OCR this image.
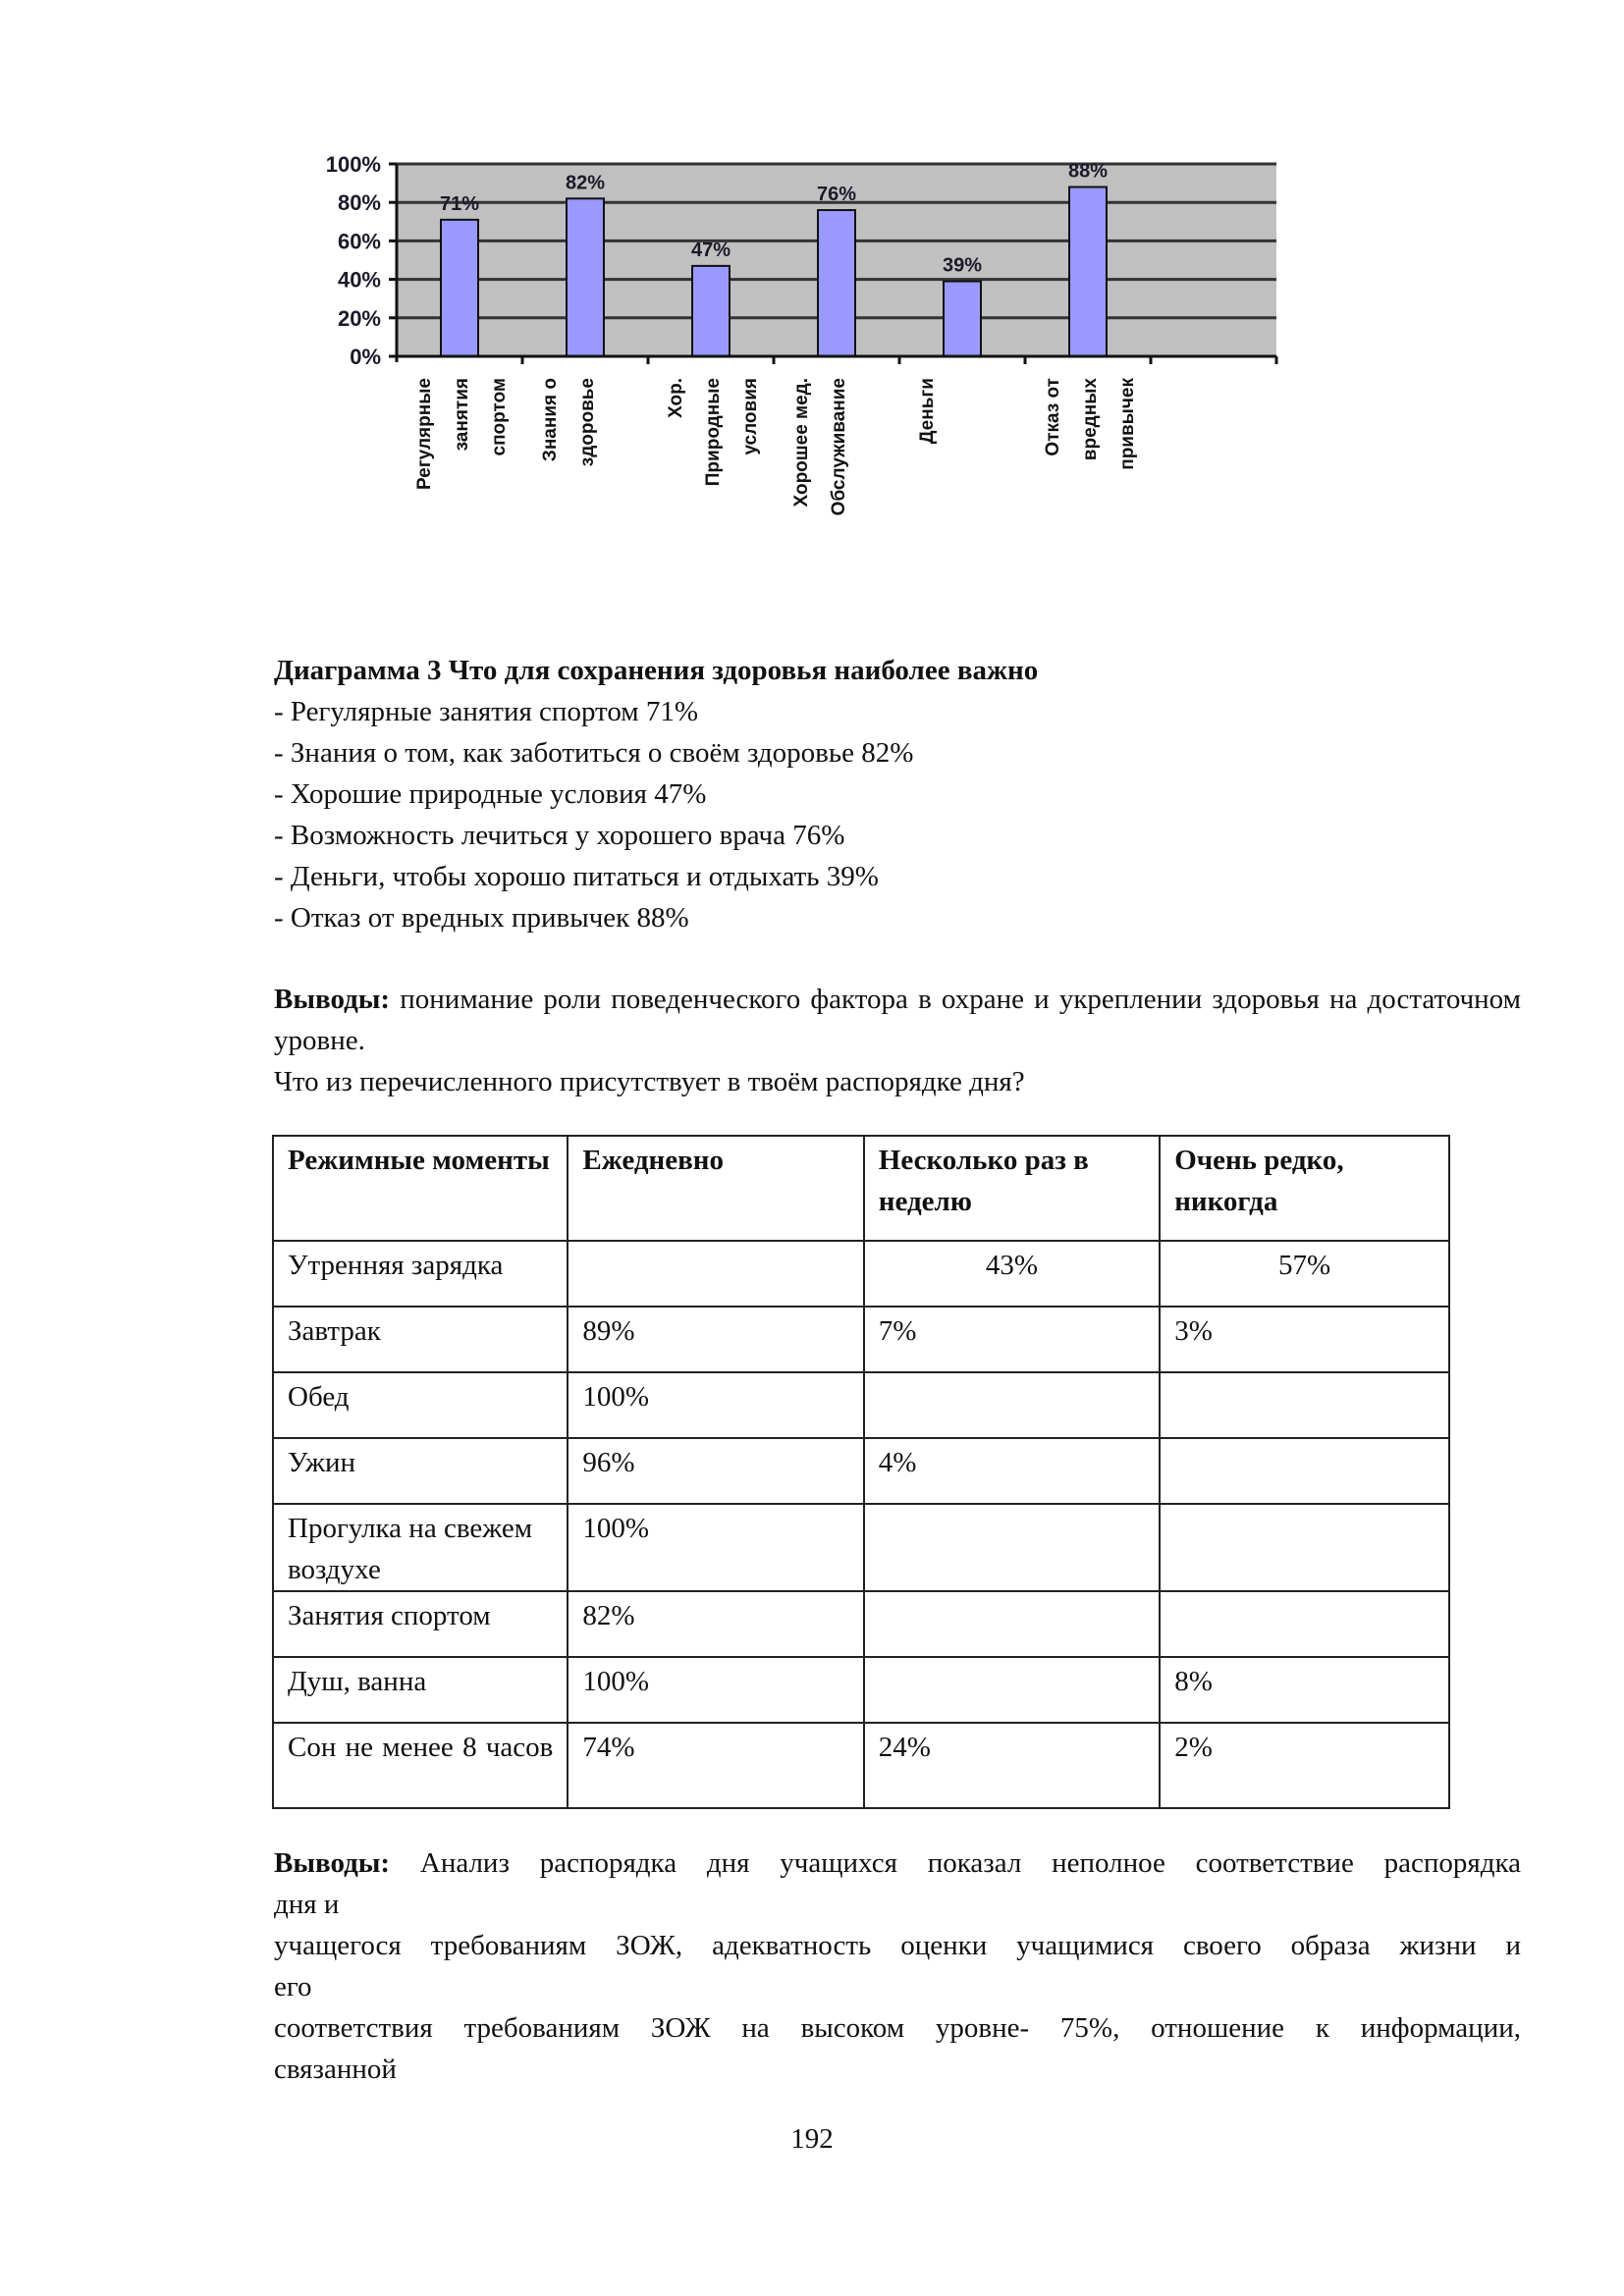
0%
20%
40%
60%
80%
100%
71%
82%
47%
76%
39%
88%
Регулярные занятия спортом Знания о здоровье	Хор. Природные условия Хорошее мед. Обслуживание	Деньги	Отказ от вредных привычек
Диаграмма 3 Что для сохранения здоровья наиболее важно
- Регулярные занятия спортом 71%
- Знания о том, как заботиться о своём здоровье 82%
- Хорошие природные условия 47%
- Возможность лечиться у хорошего врача 76%
- Деньги, чтобы хорошо питаться и отдыхать 39%
- Отказ от вредных привычек 88%
Выводы: понимание роли поведенческого фактора в охране и укреплении здоровья на достаточном уровне.
Что из перечисленного присутствует в твоём распорядке дня?
Режимные моменты	Ежедневно	Несколько раз в неделю	Очень редко, никогда
Утренняя зарядка		43%	57%
Завтрак	89%	7%	3%
Обед	100%		
Ужин	96%	4%	
Прогулка на свежем воздухе	100%		
Занятия спортом	82%		
Душ, ванна	100%		8%
Сон не менее 8 часов	74%	24%	2%
Выводы: Анализ распорядка дня учащихся показал неполное соответствие распорядка
дня и
учащегося требованиям ЗОЖ, адекватность оценки учащимися своего образа жизни и
его
соответствия требованиям ЗОЖ на высоком уровне- 75%, отношение к информации,
связанной
192
